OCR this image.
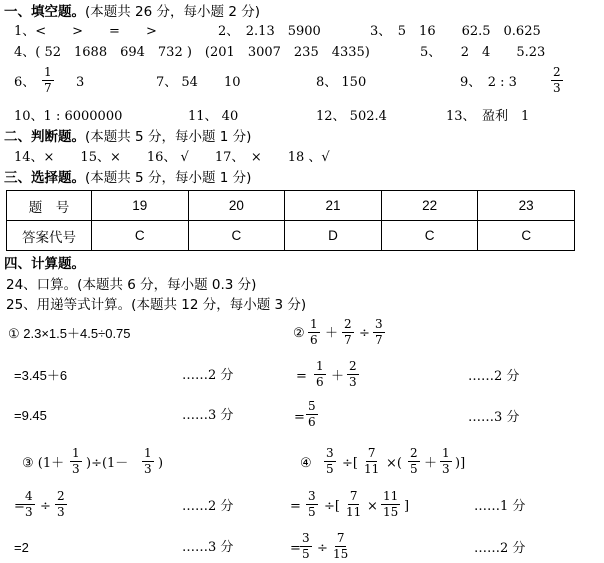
一、填空题。(本题共 26 分，每小题 2 分)
1、<　　>　　=　　>	2、　2.13　5900	3、　5　16　　62.5　0.625
4、( 52　1688　694　732 )　(201　3007　235　4335)	5、　　2　4　　5.23
6、 $\frac{1}{7} 3$	7、 54　　10	8、 150	9、　2 : 3	$\frac{2}{3}$
10、1 : 6000000	11、 40	12、 502.4	13、　盈利　1
二、判断题。(本题共 5 分，每小题 1 分)
14、×　　15、×　　16、 √　　17、　×　　18 、√
三、选择题。(本题共 5 分，每小题 1 分)
题　号	19	20	21	22	23
答案代号	C	C	D	C	C
四、计算题。
24、口算。(本题共 6 分，每小题 0.3 分)
25、用递等式计算。(本题共 12 分，每小题 3 分)
① 2.3×1.5＋4.5÷0.75
=3.45＋6	……2 分
=9.45	……3 分
② $\frac{1}{6} + \frac{2}{7} \div \frac{3}{7}$
= $\frac{1}{6} + \frac{2}{3}$	……2 分
= $\frac{5}{6}$	……3 分
③ $(1+ \frac{1}{3} )\div(1- \frac{1}{3}$ )
=
$\frac{4}{3} \div \frac{2}{3}$	……2 分
=2	……3 分
④ $\frac{3}{5}$ ÷[ $\frac{7}{11}$ ×( $\frac{2}{5} + \frac{1}{3}$ )]
= $\frac{3}{5}$ ÷[ $\frac{7}{11} \times \frac{11}{15}$ ]	……1 分
= $\frac{3}{5} \div \frac{7}{15}$	……2 分
